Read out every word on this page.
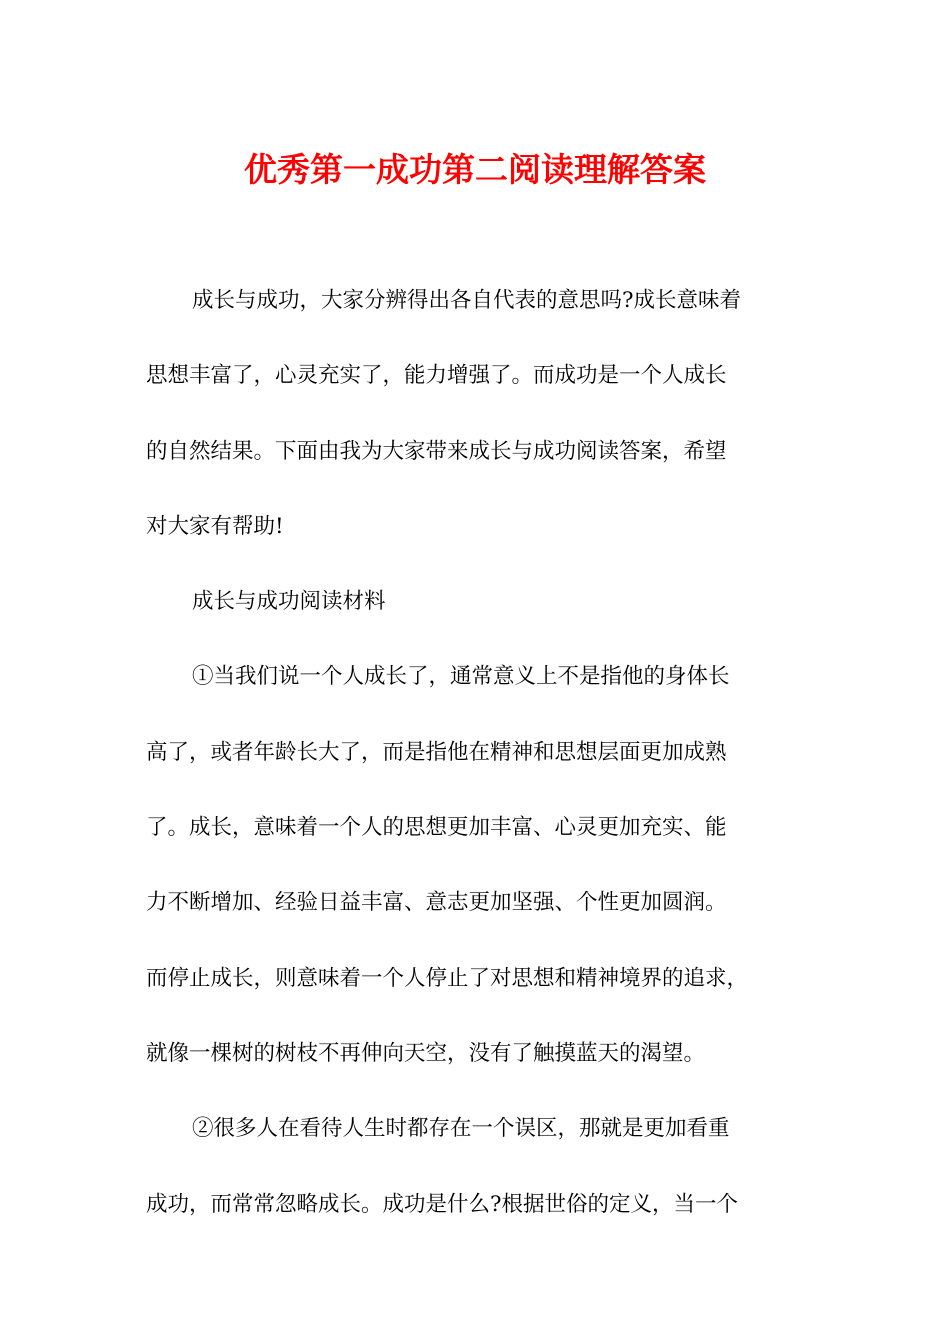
优秀第一成功第二阅读理解答案
成长与成功，大家分辨得出各自代表的意思吗?成长意味着
思想丰富了，心灵充实了，能力增强了。而成功是一个人成长
的自然结果。下面由我为大家带来成长与成功阅读答案，希望
对大家有帮助!
成长与成功阅读材料
①当我们说一个人成长了，通常意义上不是指他的身体长
高了，或者年龄长大了，而是指他在精神和思想层面更加成熟
了。成长，意味着一个人的思想更加丰富、心灵更加充实、能
力不断增加、经验日益丰富、意志更加坚强、个性更加圆润。
而停止成长，则意味着一个人停止了对思想和精神境界的追求，
就像一棵树的树枝不再伸向天空，没有了触摸蓝天的渴望。
②很多人在看待人生时都存在一个误区，那就是更加看重
成功，而常常忽略成长。成功是什么?根据世俗的定义，当一个
